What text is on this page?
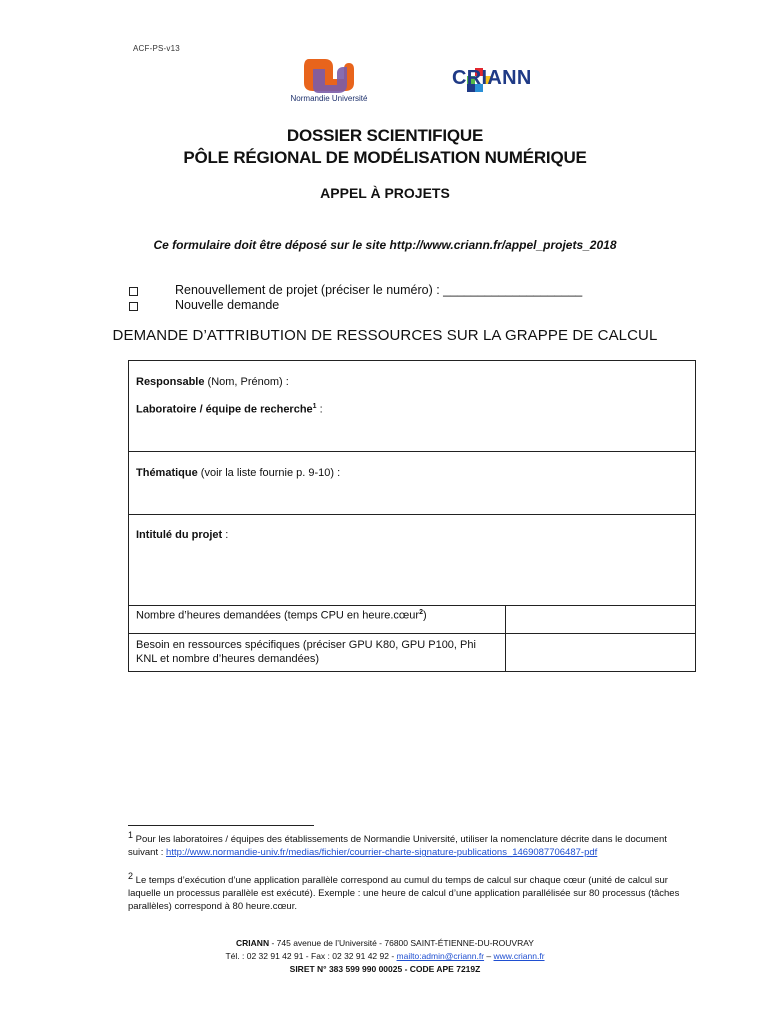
ACF-PS-v13
Normandie Université
CRIANN
DOSSIER SCIENTIFIQUE
PÔLE RÉGIONAL DE MODÉLISATION NUMÉRIQUE
APPEL À PROJETS
Ce formulaire doit être déposé sur le site http://www.criann.fr/appel_projets_2018
Renouvellement de projet (préciser le numéro) : ____________________
Nouvelle demande
DEMANDE D’ATTRIBUTION DE RESSOURCES SUR LA GRAPPE DE CALCUL
Responsable (Nom, Prénom) :
Laboratoire / équipe de recherche$^1$ :
Thématique (voir la liste fournie p. 9-10) :
Intitulé du projet :
Nombre d’heures demandées (temps CPU en heure.cœur$^2$)
Besoin en ressources spécifiques (préciser GPU K80, GPU P100, Phi
KNL et nombre d’heures demandées)
$^1$ Pour les laboratoires / équipes des établissements de Normandie Université, utiliser la nomenclature décrite dans le document suivant : http://www.normandie-univ.fr/medias/fichier/courrier-charte-signature-publications_1469087706487-pdf
$^2$ Le temps d’exécution d’une application parallèle correspond au cumul du temps de calcul sur chaque cœur (unité de calcul sur laquelle un processus parallèle est exécuté). Exemple : une heure de calcul d’une application parallélisée sur 80 processus (tâches parallèles) correspond à 80 heure.cœur.
CRIANN - 745 avenue de l’Université - 76800 SAINT-ÉTIENNE-DU-ROUVRAY
Tél. : 02 32 91 42 91 - Fax : 02 32 91 42 92 - mailto:admin@criann.fr – www.criann.fr
SIRET N° 383 599 990 00025 - CODE APE 7219Z
